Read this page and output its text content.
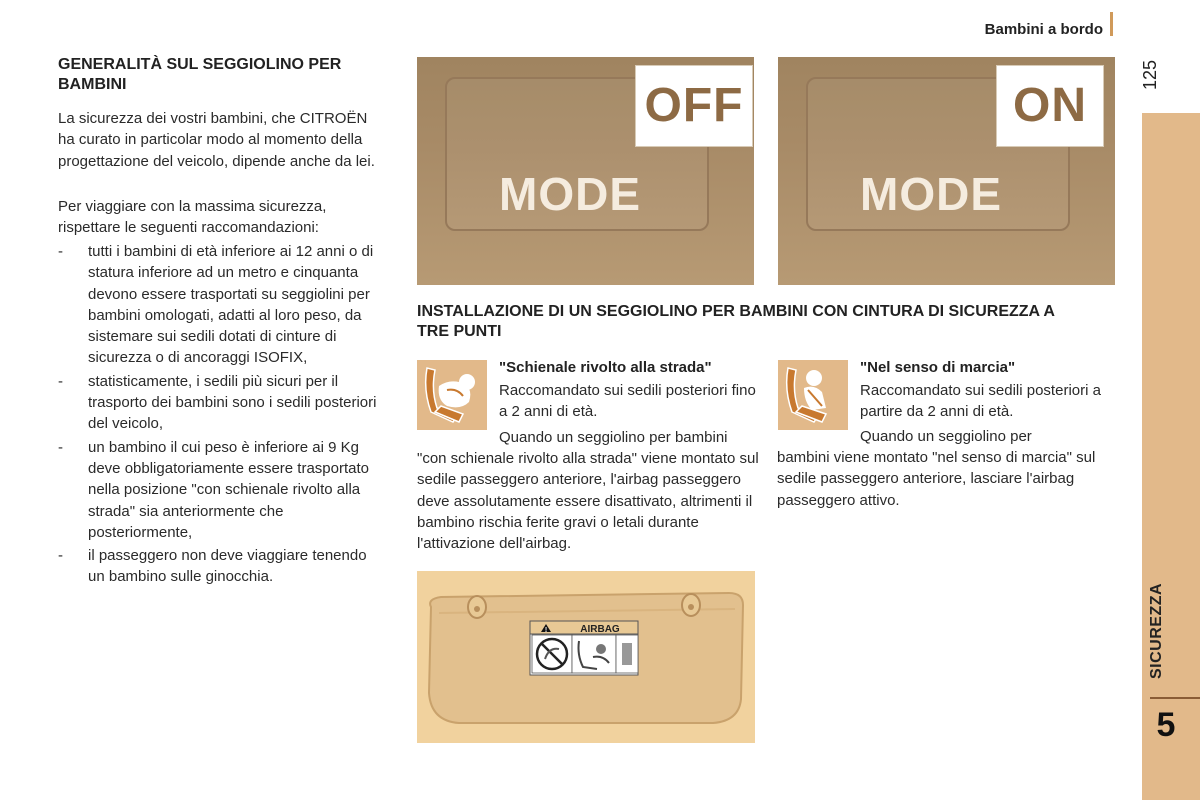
Bambini a bordo
125
SICUREZZA
5
GENERALITÀ SUL SEGGIOLINO PER BAMBINI
La sicurezza dei vostri bambini, che CITROËN ha curato in particolar modo al momento della progettazione del veicolo, dipende anche da lei.
Per viaggiare con la massima sicurezza, rispettare le seguenti raccomandazioni:
- tutti i bambini di età inferiore ai 12 anni o di statura inferiore ad un metro e cinquanta devono essere trasportati su seggiolini per bambini omologati, adatti al loro peso, da sistemare sui sedili dotati di cinture di sicurezza o di ancoraggi ISOFIX,
- statisticamente, i sedili più sicuri per il trasporto dei bambini sono i sedili posteriori del veicolo,
- un bambino il cui peso è inferiore ai 9 Kg deve obbligatoriamente essere trasportato nella posizione "con schienale rivolto alla strada" sia anteriormente che posteriormente,
- il passeggero non deve viaggiare tenendo un bambino sulle ginocchia.
OFF
MODE
ON
MODE
INSTALLAZIONE DI UN SEGGIOLINO PER BAMBINI CON CINTURA DI SICUREZZA A TRE PUNTI
"Schienale rivolto alla strada"
Raccomandato sui sedili posteriori fino a 2 anni di età.
Quando un seggiolino per bambini
"con schienale rivolto alla strada" viene montato sul sedile passeggero anteriore, l'airbag passeggero deve assolutamente essere disattivato, altrimenti il bambino rischia ferite gravi o letali durante l'attivazione dell'airbag.
"Nel senso di marcia"
Raccomandato sui sedili posteriori a partire da 2 anni di età.
Quando un seggiolino per
bambini viene montato "nel senso di marcia" sul sedile passeggero anteriore, lasciare l'airbag passeggero attivo.
!	AIRBAG
